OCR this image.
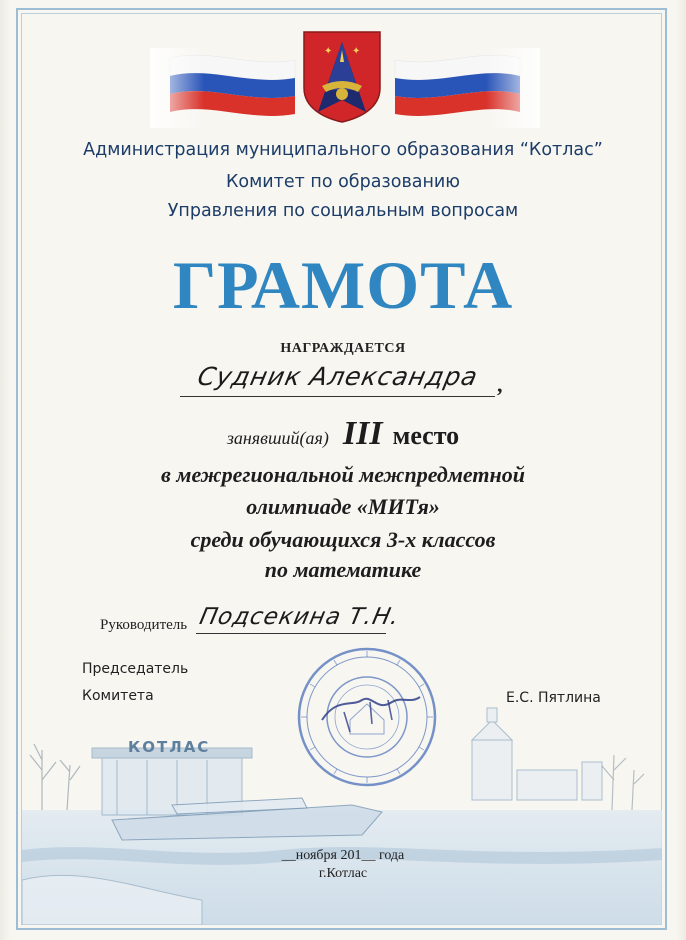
✦ ✦
Администрация муниципального образования “Котлас”
Комитет по образованию
Управления по социальным вопросам
ГРАМОТА
НАГРАЖДАЕТСЯ
Судник Александра ,
занявший(ая) III место
в межрегиональной межпредметной
олимпиаде «МИТя»
среди обучающихся 3-х классов
по математике
Руководитель Подсекина Т.Н.
КОТЛАС
Председатель
Комитета	Е.С. Пятлина
__ноября 201__ года
г.Котлас
